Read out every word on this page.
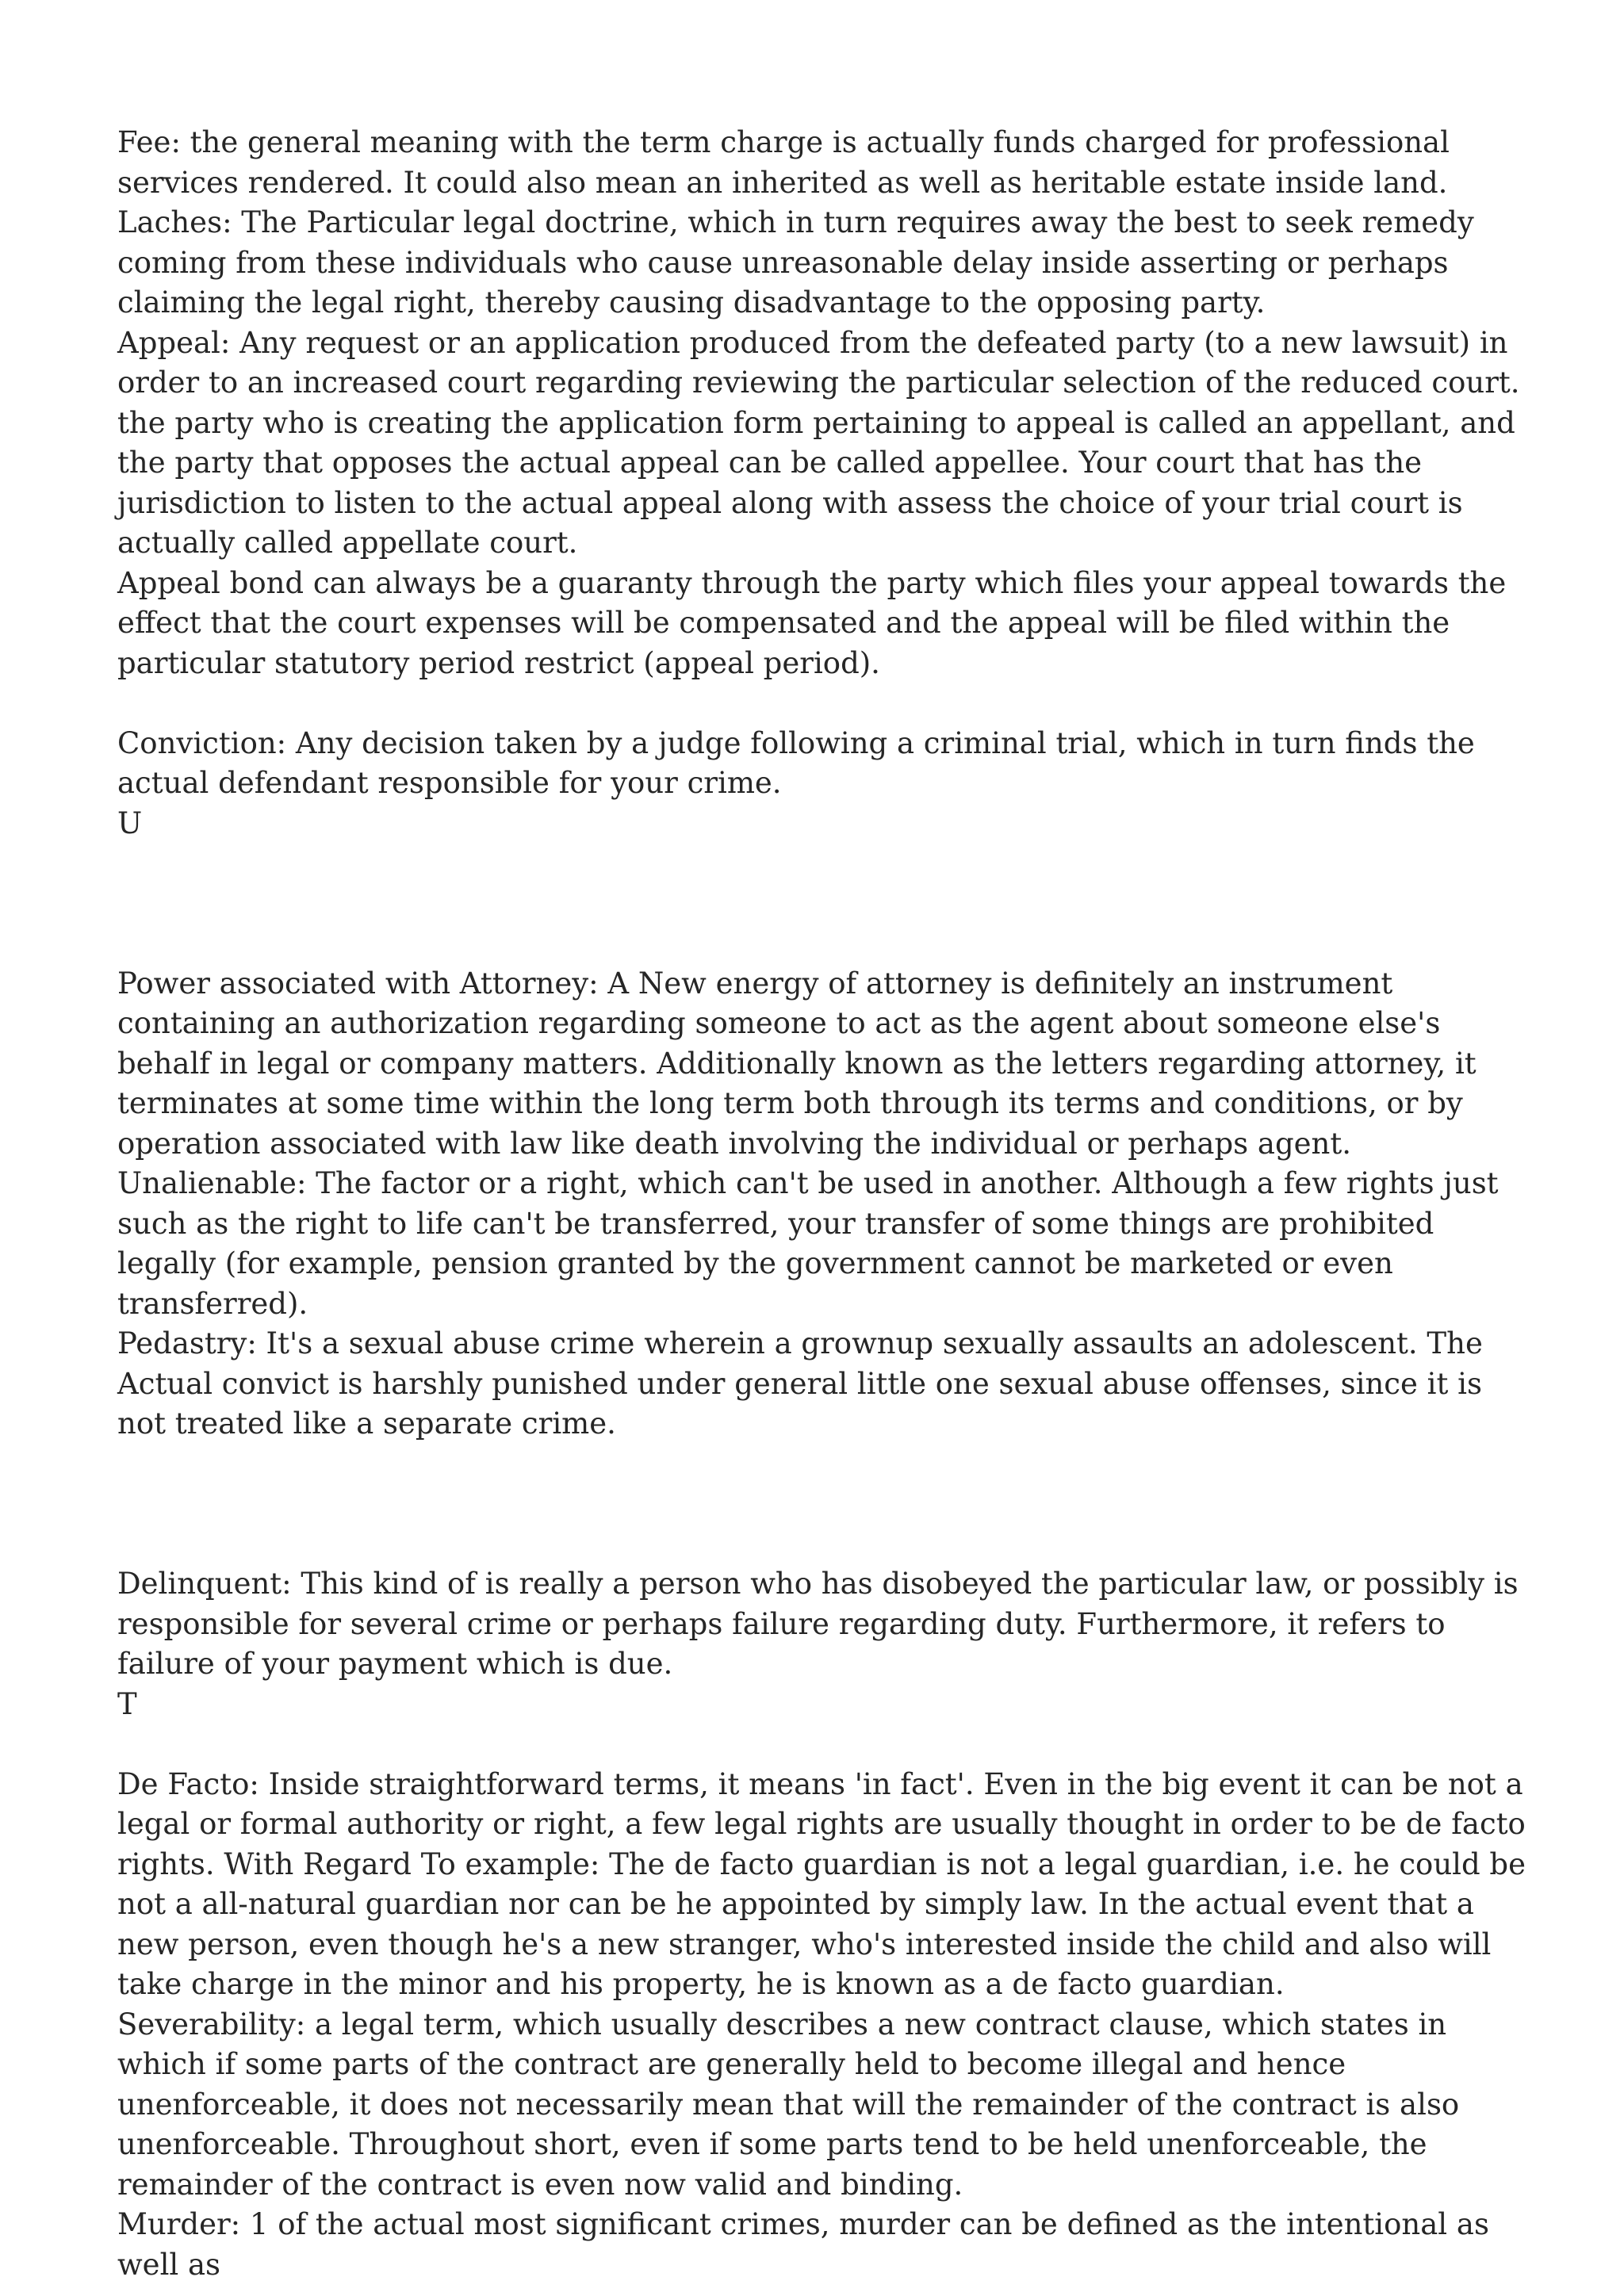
Fee: the general meaning with the term charge is actually funds charged for professional services rendered. It could also mean an inherited as well as heritable estate inside land.

Laches: The Particular legal doctrine, which in turn requires away the best to seek remedy coming from these individuals who cause unreasonable delay inside asserting or perhaps claiming the legal right, thereby causing disadvantage to the opposing party.

Appeal: Any request or an application produced from the defeated party (to a new lawsuit) in order to an increased court regarding reviewing the particular selection of the reduced court. the party who is creating the application form pertaining to appeal is called an appellant, and the party that opposes the actual appeal can be called appellee. Your court that has the jurisdiction to listen to the actual appeal along with assess the choice of your trial court is actually called appellate court.

Appeal bond can always be a guaranty through the party which files your appeal towards the effect that the court expenses will be compensated and the appeal will be filed within the particular statutory period restrict (appeal period).

Conviction: Any decision taken by a judge following a criminal trial, which in turn finds the actual defendant responsible for your crime.

U

Power associated with Attorney: A New energy of attorney is definitely an instrument containing an authorization regarding someone to act as the agent about someone else's behalf in legal or company matters. Additionally known as the letters regarding attorney, it terminates at some time within the long term both through its terms and conditions, or by operation associated with law like death involving the individual or perhaps agent.

Unalienable: The factor or a right, which can't be used in another. Although a few rights just such as the right to life can't be transferred, your transfer of some things are prohibited legally (for example, pension granted by the government cannot be marketed or even transferred).

Pedastry: It's a sexual abuse crime wherein a grownup sexually assaults an adolescent. The Actual convict is harshly punished under general little one sexual abuse offenses, since it is not treated like a separate crime.

Delinquent: This kind of is really a person who has disobeyed the particular law, or possibly is responsible for several crime or perhaps failure regarding duty. Furthermore, it refers to failure of your payment which is due.

T

De Facto: Inside straightforward terms, it means 'in fact'. Even in the big event it can be not a legal or formal authority or right, a few legal rights are usually thought in order to be de facto rights. With Regard To example: The de facto guardian is not a legal guardian, i.e. he could be not a all-natural guardian nor can be he appointed by simply law. In the actual event that a new person, even though he's a new stranger, who's interested inside the child and also will take charge in the minor and his property, he is known as a de facto guardian.

Severability: a legal term, which usually describes a new contract clause, which states in which if some parts of the contract are generally held to become illegal and hence unenforceable, it does not necessarily mean that will the remainder of the contract is also unenforceable. Throughout short, even if some parts tend to be held unenforceable, the remainder of the contract is even now valid and binding.

Murder: 1 of the actual most significant crimes, murder can be defined as the intentional as well as
